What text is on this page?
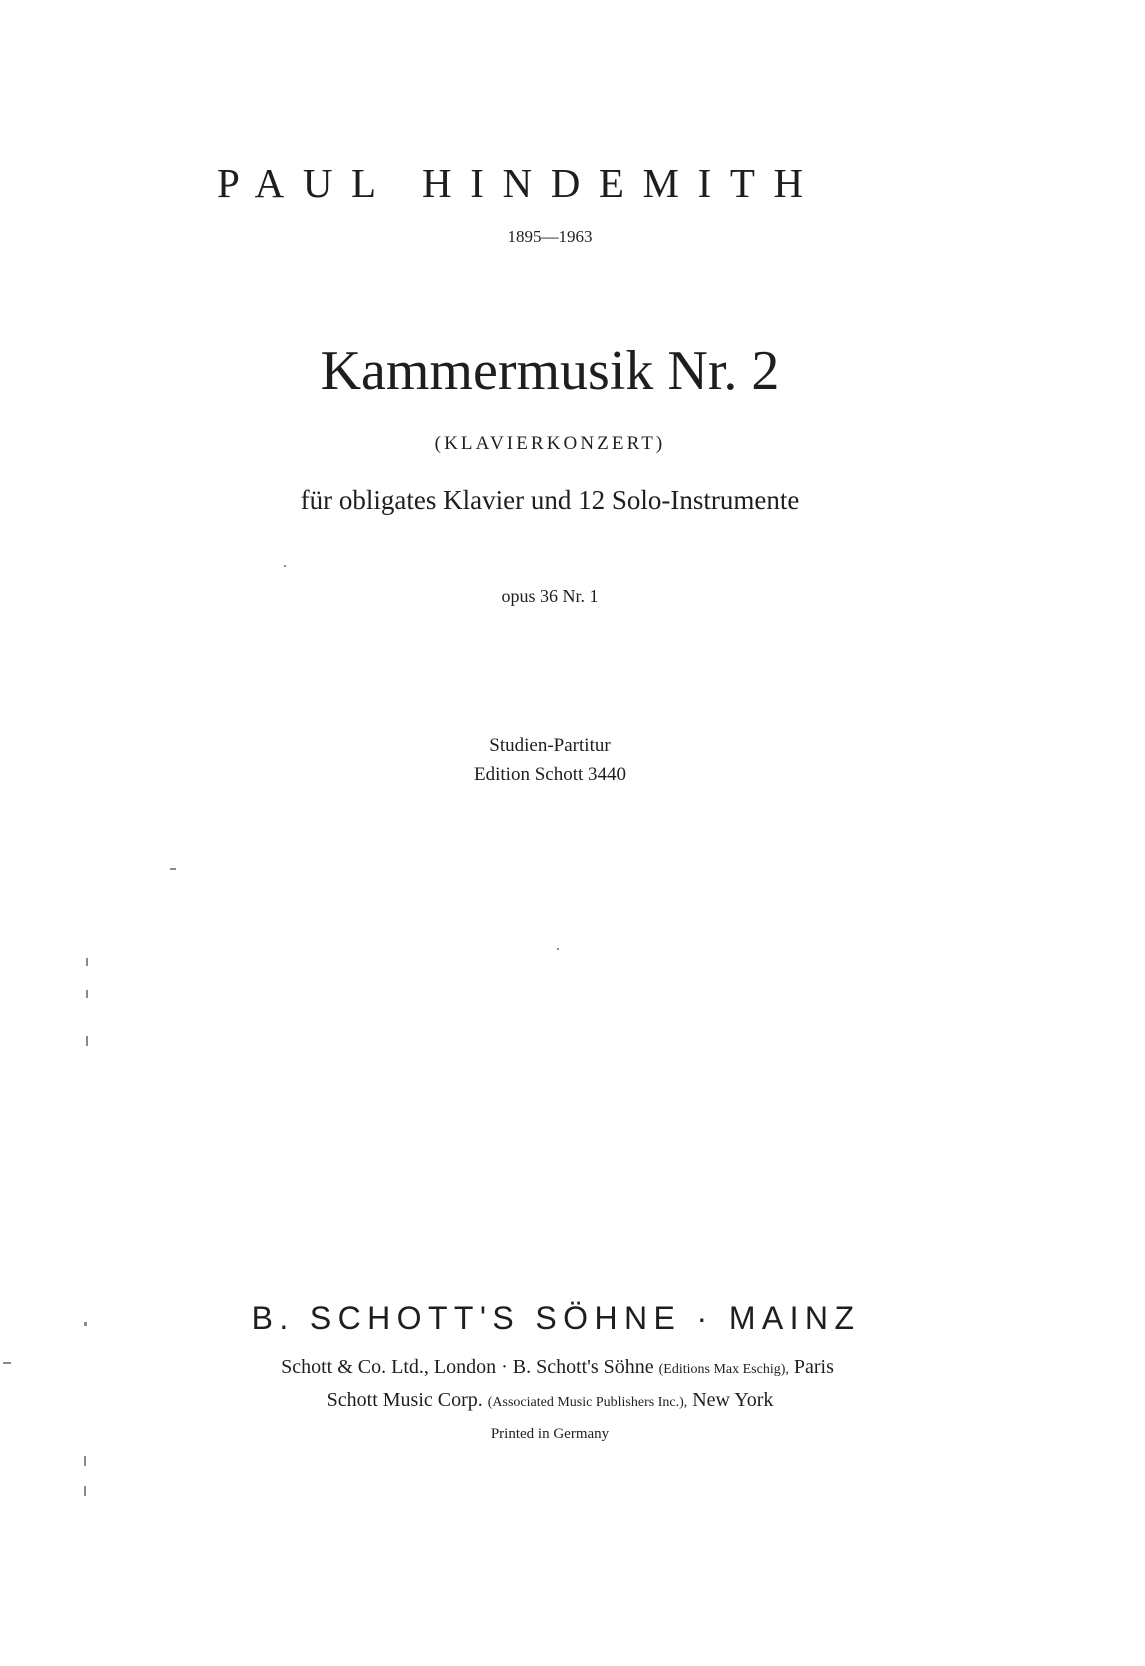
PAUL HINDEMITH
1895—1963
Kammermusik Nr. 2
(KLAVIERKONZERT)
für obligates Klavier und 12 Solo-Instrumente
opus 36 Nr. 1
Studien-Partitur
Edition Schott 3440
B. SCHOTT'S SÖHNE · MAINZ
Schott & Co. Ltd., London · B. Schott's Söhne (Editions Max Eschig), Paris
Schott Music Corp. (Associated Music Publishers Inc.), New York
Printed in Germany
